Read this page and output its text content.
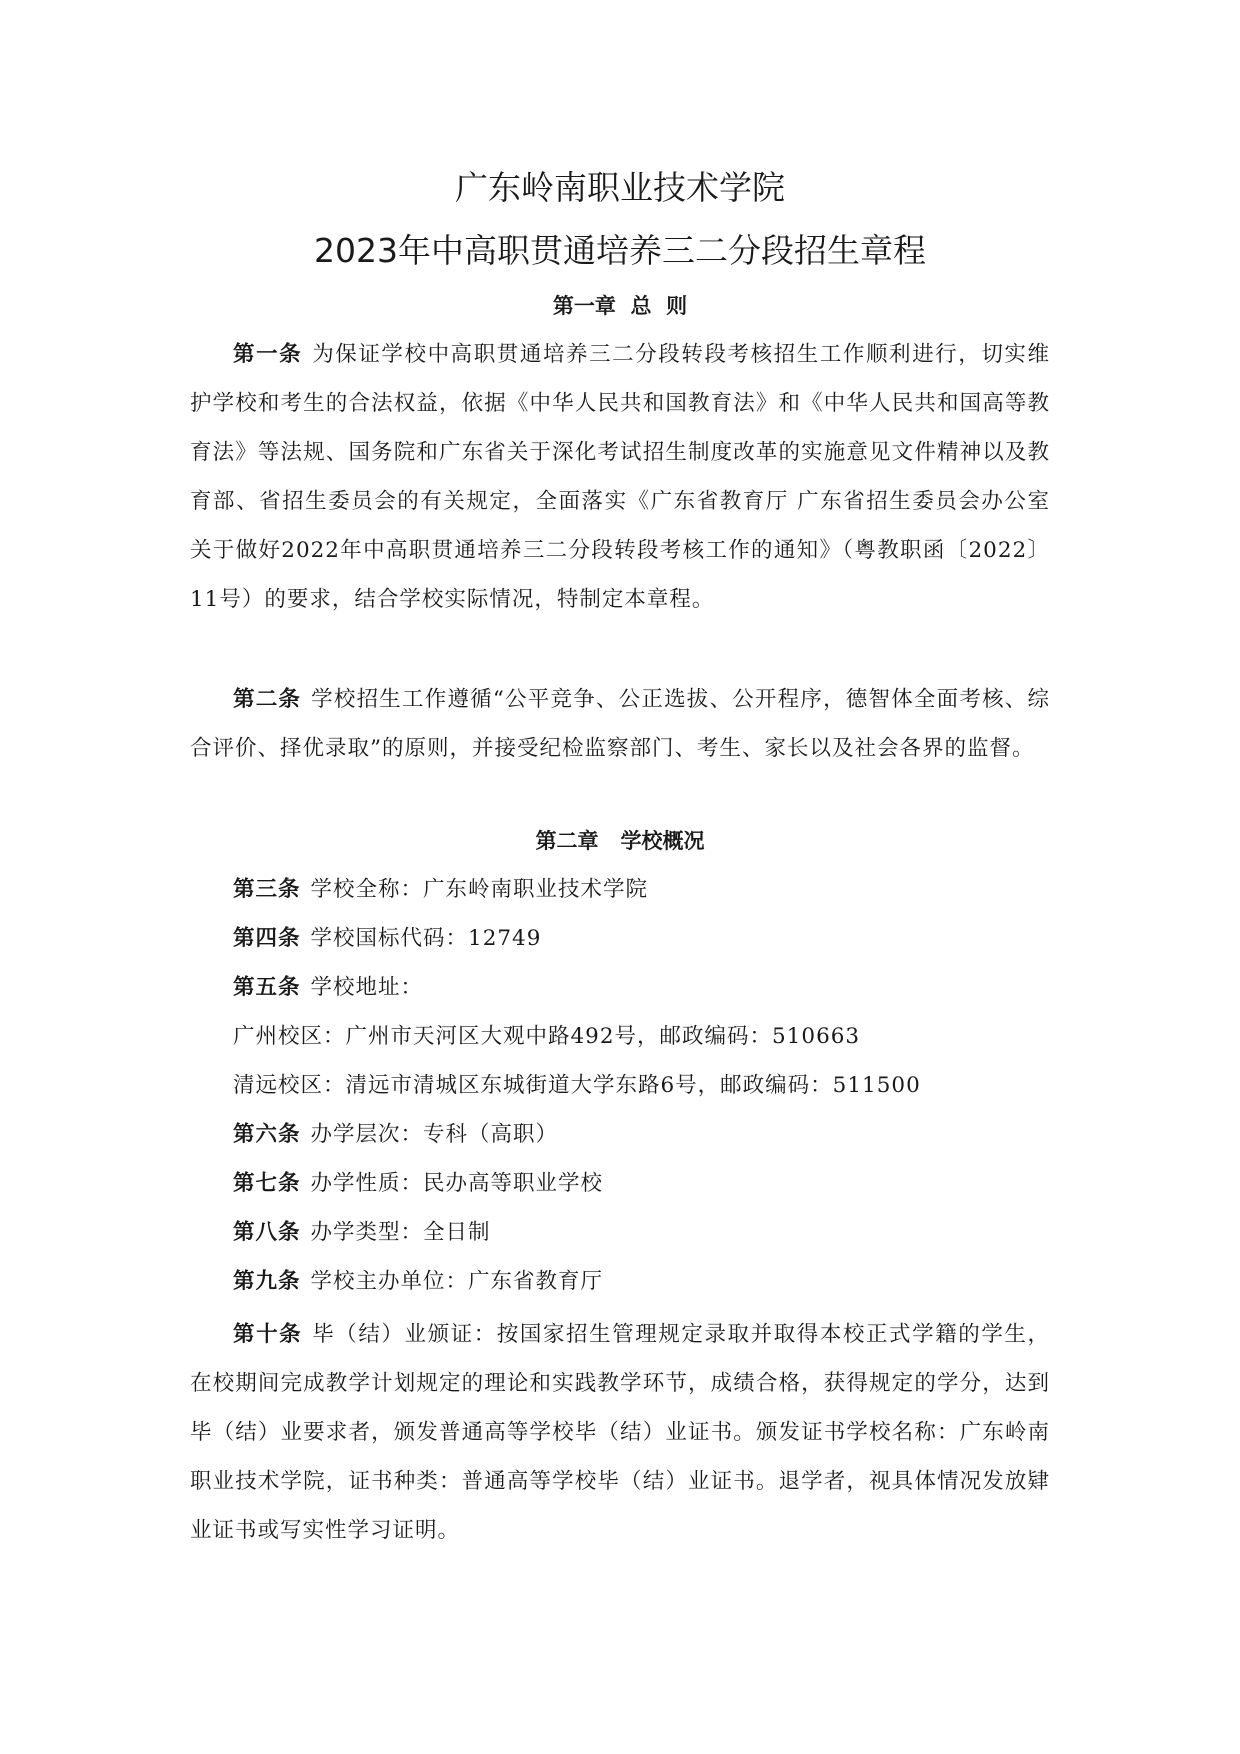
广东岭南职业技术学院
2023年中高职贯通培养三二分段招生章程
第一章  总  则

第一条 为保证学校中高职贯通培养三二分段转段考核招生工作顺利进行，切实维护学校和考生的合法权益，依据《中华人民共和国教育法》和《中华人民共和国高等教育法》等法规、国务院和广东省关于深化考试招生制度改革的实施意见文件精神以及教育部、省招生委员会的有关规定，全面落实《广东省教育厅 广东省招生委员会办公室关于做好2022年中高职贯通培养三二分段转段考核工作的通知》（粤教职函〔2022〕11号）的要求，结合学校实际情况，特制定本章程。

第二条 学校招生工作遵循“公平竞争、公正选拔、公开程序，德智体全面考核、综合评价、择优录取”的原则，并接受纪检监察部门、考生、家长以及社会各界的监督。

第二章   学校概况

第三条 学校全称：广东岭南职业技术学院

第四条 学校国标代码：12749

第五条 学校地址：

广州校区：广州市天河区大观中路492号，邮政编码：510663

清远校区：清远市清城区东城街道大学东路6号，邮政编码：511500

第六条 办学层次：专科（高职）

第七条 办学性质：民办高等职业学校

第八条 办学类型：全日制

第九条 学校主办单位：广东省教育厅

第十条 毕（结）业颁证：按国家招生管理规定录取并取得本校正式学籍的学生，在校期间完成教学计划规定的理论和实践教学环节，成绩合格，获得规定的学分，达到毕（结）业要求者，颁发普通高等学校毕（结）业证书。颁发证书学校名称：广东岭南职业技术学院，证书种类：普通高等学校毕（结）业证书。退学者，视具体情况发放肄业证书或写实性学习证明。
